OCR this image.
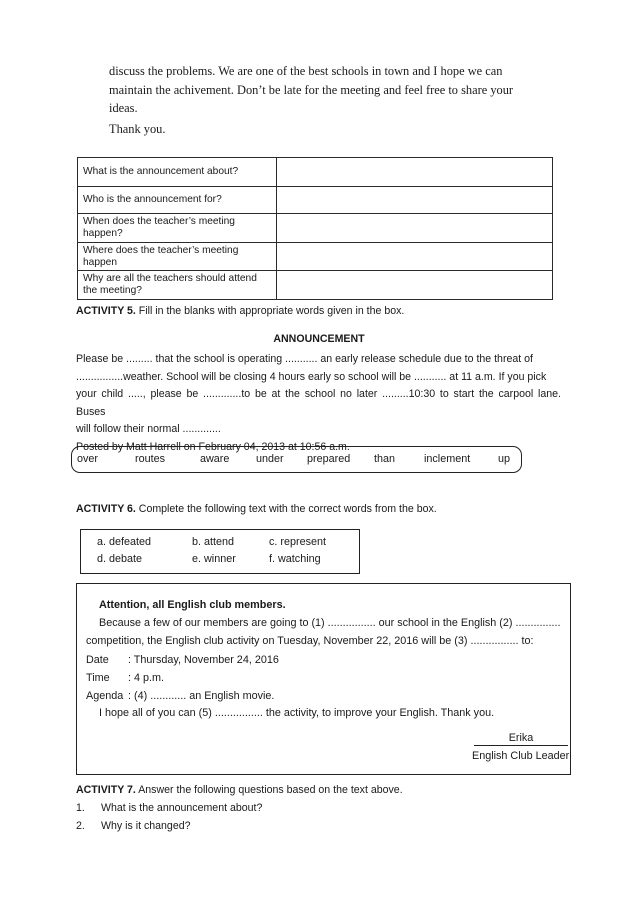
discuss the problems. We are one of the best schools in town and I hope we can

maintain the achivement. Don’t be late for the meeting and feel free to share your

ideas.

Thank you.
What is the announcement about?	
Who is the announcement for?	
When does the teacher’s meeting happen?	
Where does the teacher’s meeting happen	
Why are all the teachers should attend the meeting?	
ACTIVITY 5. Fill in the blanks with appropriate words given in the box.
ANNOUNCEMENT

Please be ......... that the school is operating ........... an early release schedule due to the threat of

................weather. School will be closing 4 hours early so school will be ........... at 11 a.m. If you pick

your child ....., please be .............to be at the school no later .........10:30 to start the carpool lane. Buses

will follow their normal .............

Posted by Matt Harrell on February 04, 2013 at 10:56 a.m.

over	routes	aware under prepared than	inclement	up
ACTIVITY 6. Complete the following text with the correct words from the box.
a. defeated	b. attend	c. represent
d. debate	e. winner	f. watching
Attention, all English club members.
Because a few of our members are going to (1) ................ our school in the English (2) ...............
competition, the English club activity on Tuesday, November 22, 2016 will be (3) ................ to:
Date : Thursday, November 24, 2016
Time : 4 p.m.
Agenda : (4) ............ an English movie.
I hope all of you can (5) ................ the activity, to improve your English. Thank you.
Erika
English Club Leader
ACTIVITY 7. Answer the following questions based on the text above.
1. What is the announcement about?
2. Why is it changed?
